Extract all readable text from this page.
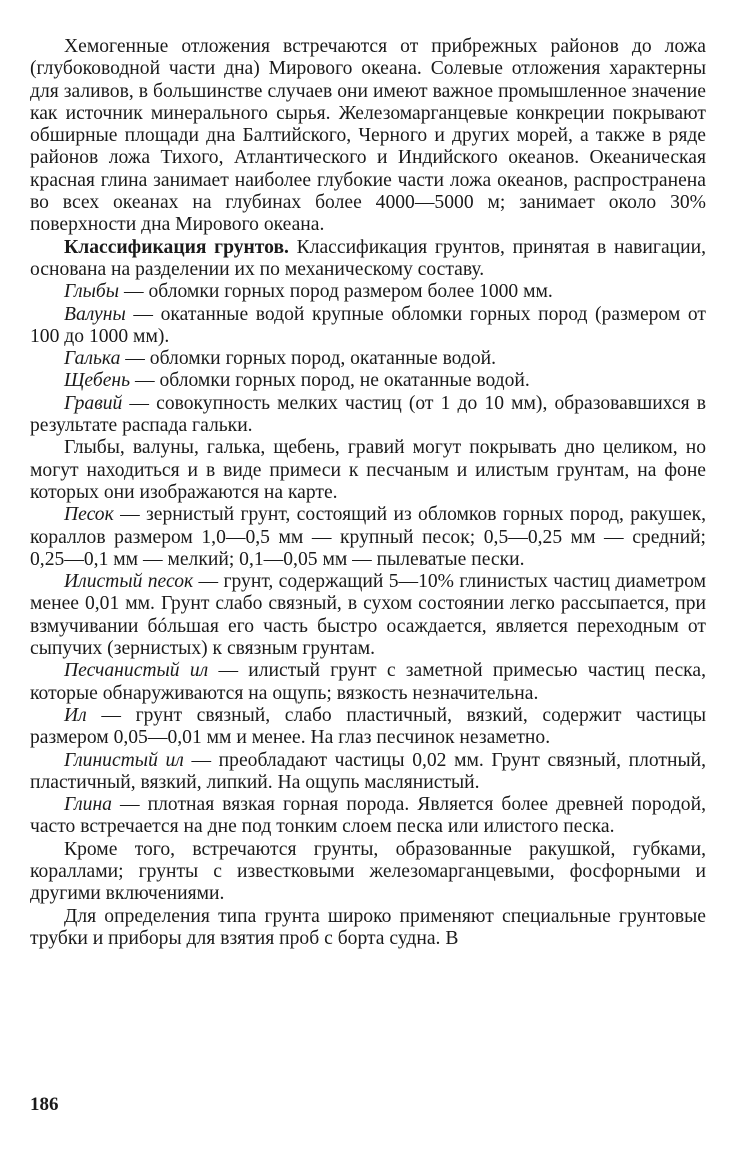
Хемогенные отложения встречаются от прибрежных районов до ложа (глубоководной части дна) Мирового океана. Солевые отложения характерны для заливов, в большинстве случаев они имеют важное промышленное значение как источник минерального сырья. Железомарганцевые конкреции покрывают обширные площади дна Балтийского, Черного и других морей, а также в ряде районов ложа Тихого, Атлантического и Индийского океанов. Океаническая красная глина занимает наиболее глубокие части ложа океанов, распространена во всех океанах на глубинах более 4000—5000 м; занимает около 30% поверхности дна Мирового океана.

Классификация грунтов. Классификация грунтов, принятая в навигации, основана на разделении их по механическому составу.

Глыбы — обломки горных пород размером более 1000 мм.

Валуны — окатанные водой крупные обломки горных пород (размером от 100 до 1000 мм).

Галька — обломки горных пород, окатанные водой.

Щебень — обломки горных пород, не окатанные водой.

Гравий — совокупность мелких частиц (от 1 до 10 мм), образовавшихся в результате распада гальки.

Глыбы, валуны, галька, щебень, гравий могут покрывать дно целиком, но могут находиться и в виде примеси к песчаным и илистым грунтам, на фоне которых они изображаются на карте.

Песок — зернистый грунт, состоящий из обломков горных пород, ракушек, кораллов размером 1,0—0,5 мм — крупный песок; 0,5—0,25 мм — средний; 0,25—0,1 мм — мелкий; 0,1—0,05 мм — пылеватые пески.

Илистый песок — грунт, содержащий 5—10% глинистых частиц диаметром менее 0,01 мм. Грунт слабо связный, в сухом состоянии легко рассыпается, при взмучивании бóльшая его часть быстро осаждается, является переходным от сыпучих (зернистых) к связным грунтам.

Песчанистый ил — илистый грунт с заметной примесью частиц песка, которые обнаруживаются на ощупь; вязкость незначительна.

Ил — грунт связный, слабо пластичный, вязкий, содержит частицы размером 0,05—0,01 мм и менее. На глаз песчинок незаметно.

Глинистый ил — преобладают частицы 0,02 мм. Грунт связный, плотный, пластичный, вязкий, липкий. На ощупь маслянистый.

Глина — плотная вязкая горная порода. Является более древней породой, часто встречается на дне под тонким слоем песка или илистого песка.

Кроме того, встречаются грунты, образованные ракушкой, губками, кораллами; грунты с известковыми железомарганцевыми, фосфорными и другими включениями.

Для определения типа грунта широко применяют специальные грунтовые трубки и приборы для взятия проб с борта судна. В

186
